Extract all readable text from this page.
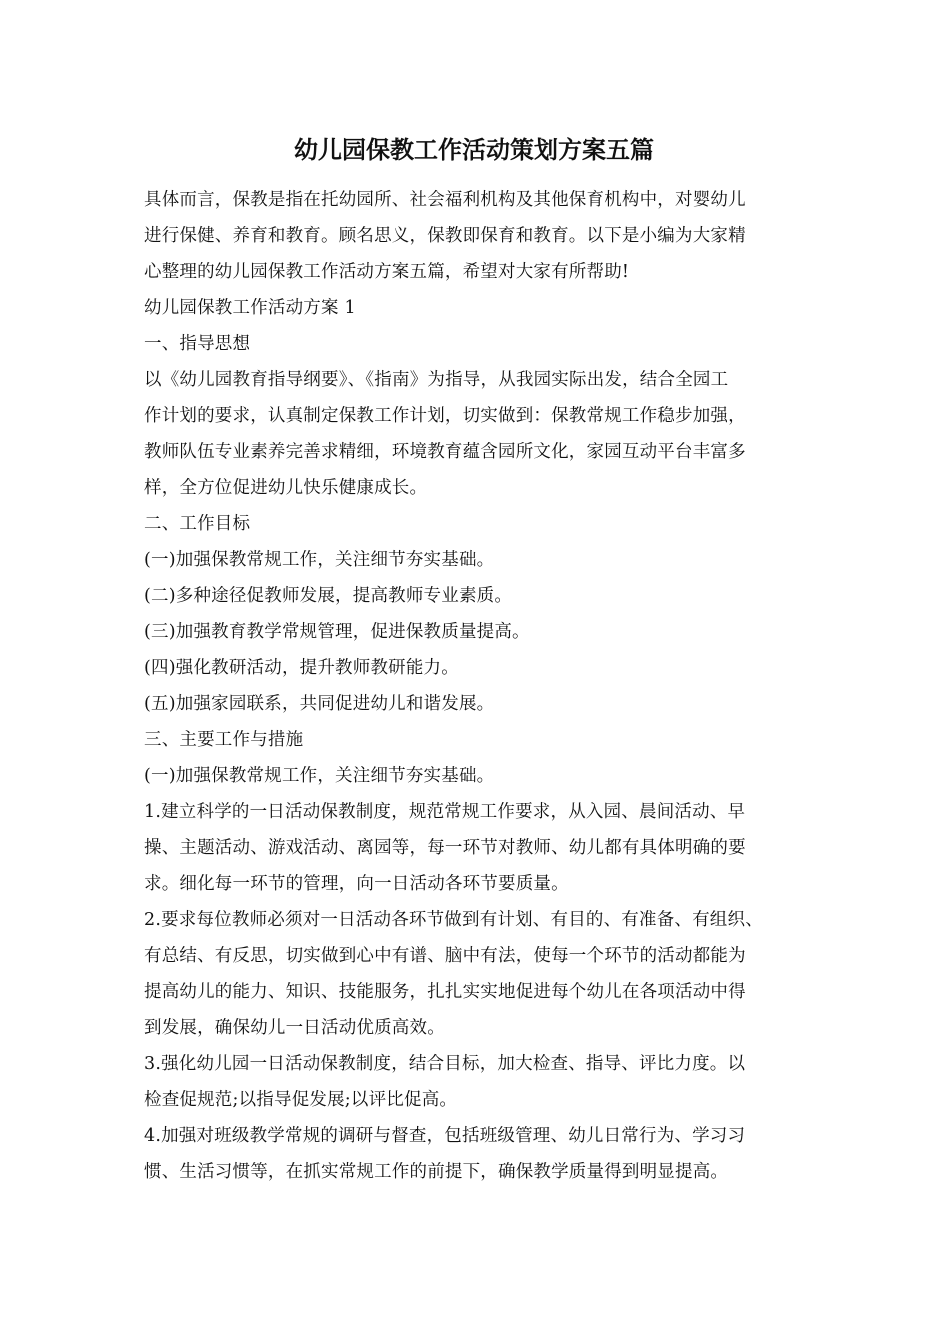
幼儿园保教工作活动策划方案五篇
具体而言，保教是指在托幼园所、社会福利机构及其他保育机构中，对婴幼儿
进行保健、养育和教育。顾名思义，保教即保育和教育。以下是小编为大家精
心整理的幼儿园保教工作活动方案五篇，希望对大家有所帮助!
幼儿园保教工作活动方案 1
一、指导思想
以《幼儿园教育指导纲要》、《指南》为指导，从我园实际出发，结合全园工
作计划的要求，认真制定保教工作计划，切实做到：保教常规工作稳步加强，
教师队伍专业素养完善求精细，环境教育蕴含园所文化，家园互动平台丰富多
样，全方位促进幼儿快乐健康成长。
二、工作目标
(一)加强保教常规工作，关注细节夯实基础。
(二)多种途径促教师发展，提高教师专业素质。
(三)加强教育教学常规管理，促进保教质量提高。
(四)强化教研活动，提升教师教研能力。
(五)加强家园联系，共同促进幼儿和谐发展。
三、主要工作与措施
(一)加强保教常规工作，关注细节夯实基础。
1.建立科学的一日活动保教制度，规范常规工作要求，从入园、晨间活动、早
操、主题活动、游戏活动、离园等，每一环节对教师、幼儿都有具体明确的要
求。细化每一环节的管理，向一日活动各环节要质量。
2.要求每位教师必须对一日活动各环节做到有计划、有目的、有准备、有组织、
有总结、有反思，切实做到心中有谱、脑中有法，使每一个环节的活动都能为
提高幼儿的能力、知识、技能服务，扎扎实实地促进每个幼儿在各项活动中得
到发展，确保幼儿一日活动优质高效。
3.强化幼儿园一日活动保教制度，结合目标，加大检查、指导、评比力度。以
检查促规范;以指导促发展;以评比促高。
4.加强对班级教学常规的调研与督查，包括班级管理、幼儿日常行为、学习习
惯、生活习惯等，在抓实常规工作的前提下，确保教学质量得到明显提高。
